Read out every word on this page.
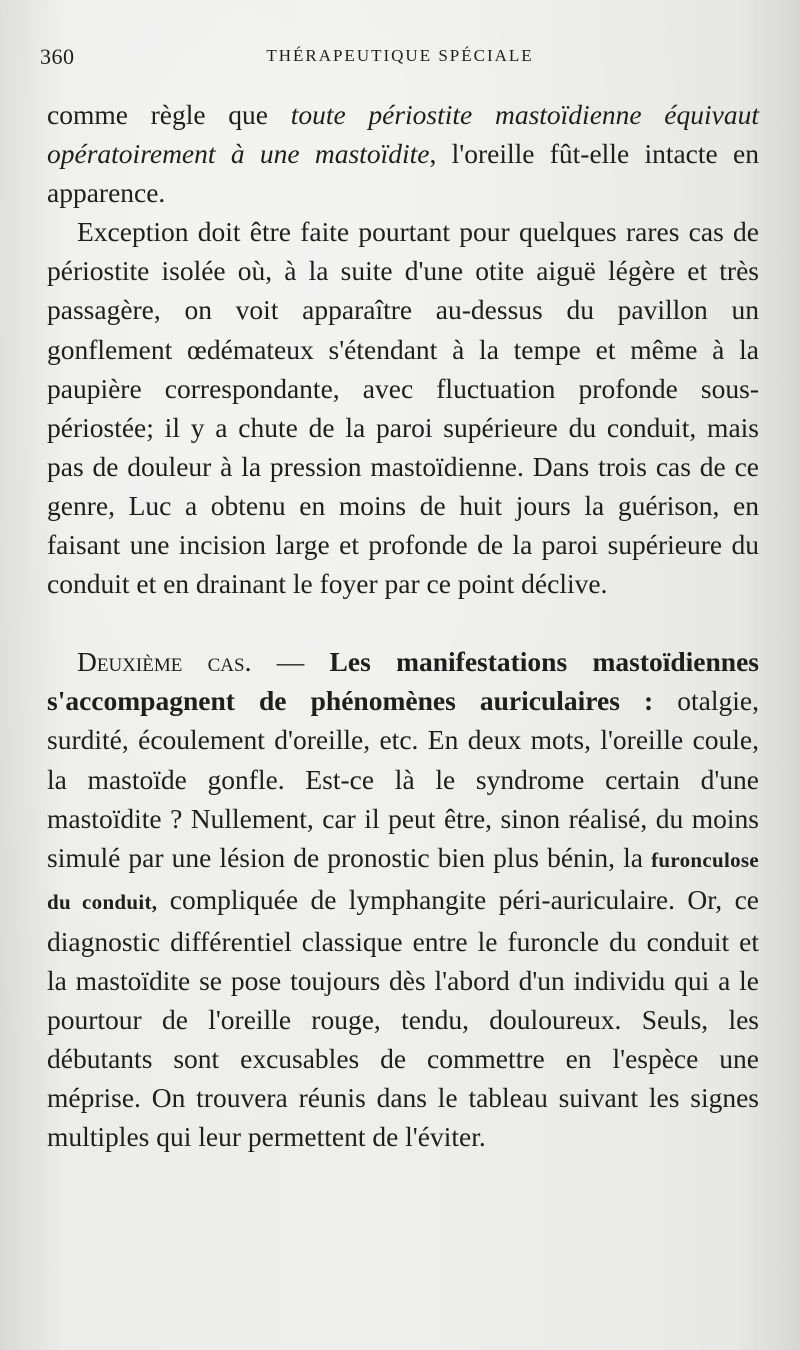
360	THÉRAPEUTIQUE SPÉCIALE

comme règle que toute périostite mastoïdienne équivaut opératoirement à une mastoïdite, l'oreille fût-elle intacte en apparence.

Exception doit être faite pourtant pour quelques rares cas de périostite isolée où, à la suite d'une otite aiguë légère et très passagère, on voit apparaître au-dessus du pavillon un gonflement œdémateux s'étendant à la tempe et même à la paupière correspondante, avec fluctuation profonde sous-périostée; il y a chute de la paroi supérieure du conduit, mais pas de douleur à la pression mastoïdienne. Dans trois cas de ce genre, Luc a obtenu en moins de huit jours la guérison, en faisant une incision large et profonde de la paroi supérieure du conduit et en drainant le foyer par ce point déclive.

Deuxième cas. — Les manifestations mastoïdiennes s'accompagnent de phénomènes auriculaires : otalgie, surdité, écoulement d'oreille, etc. En deux mots, l'oreille coule, la mastoïde gonfle. Est-ce là le syndrome certain d'une mastoïdite ? Nullement, car il peut être, sinon réalisé, du moins simulé par une lésion de pronostic bien plus bénin, la furonculose du conduit, compliquée de lymphangite péri-auriculaire. Or, ce diagnostic différentiel classique entre le furoncle du conduit et la mastoïdite se pose toujours dès l'abord d'un individu qui a le pourtour de l'oreille rouge, tendu, douloureux. Seuls, les débutants sont excusables de commettre en l'espèce une méprise. On trouvera réunis dans le tableau suivant les signes multiples qui leur permettent de l'éviter.
